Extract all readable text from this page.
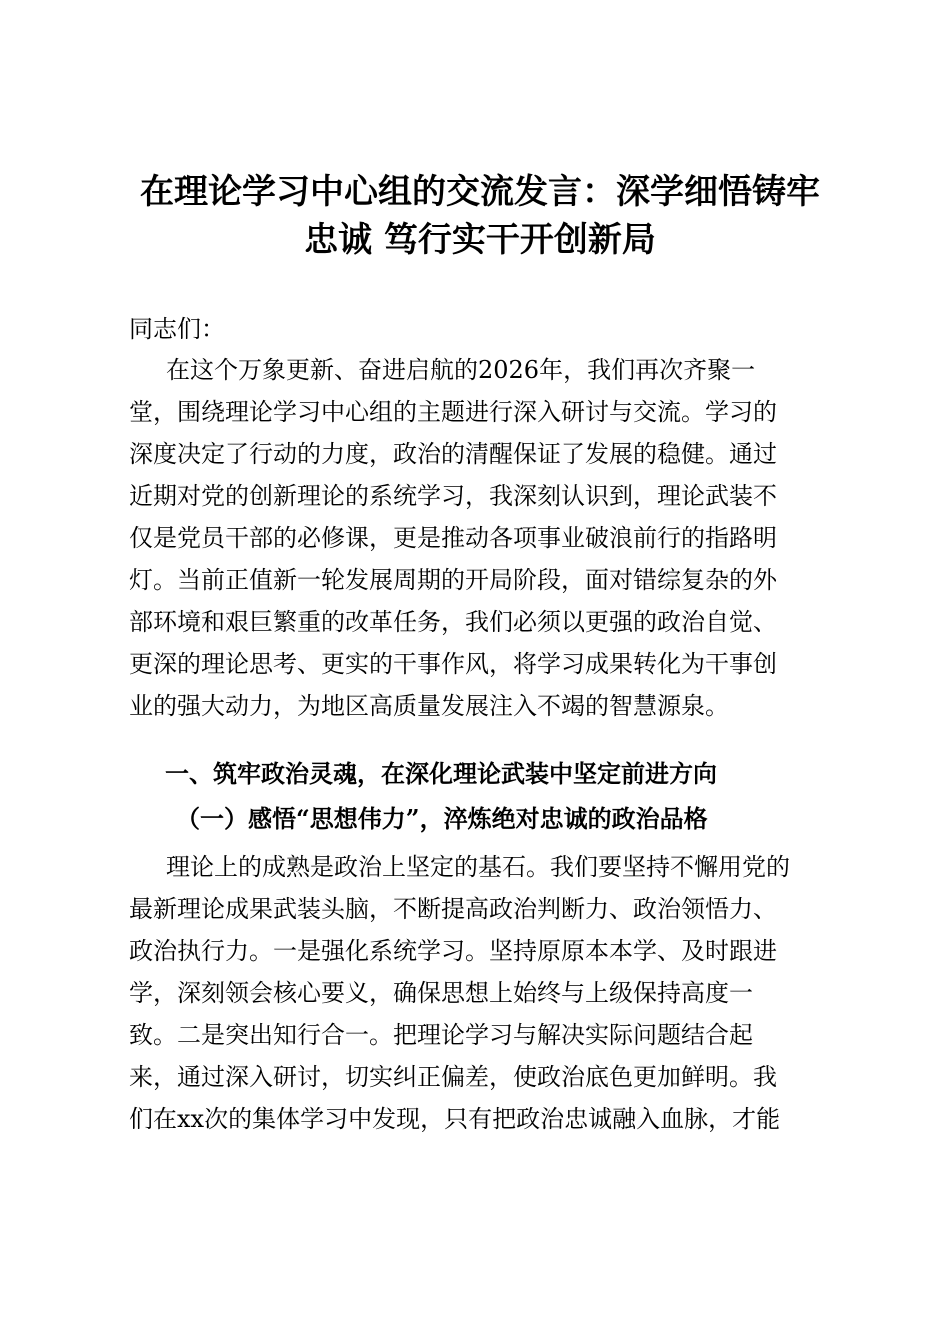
在理论学习中心组的交流发言：深学细悟铸牢
忠诚 笃行实干开创新局

同志们：

在这个万象更新、奋进启航的2026年，我们再次齐聚一
堂，围绕理论学习中心组的主题进行深入研讨与交流。学习的
深度决定了行动的力度，政治的清醒保证了发展的稳健。通过
近期对党的创新理论的系统学习，我深刻认识到，理论武装不
仅是党员干部的必修课，更是推动各项事业破浪前行的指路明
灯。当前正值新一轮发展周期的开局阶段，面对错综复杂的外
部环境和艰巨繁重的改革任务，我们必须以更强的政治自觉、
更深的理论思考、更实的干事作风，将学习成果转化为干事创
业的强大动力，为地区高质量发展注入不竭的智慧源泉。

一、筑牢政治灵魂，在深化理论武装中坚定前进方向
（一）感悟“思想伟力”，淬炼绝对忠诚的政治品格

理论上的成熟是政治上坚定的基石。我们要坚持不懈用党的
最新理论成果武装头脑，不断提高政治判断力、政治领悟力、
政治执行力。一是强化系统学习。坚持原原本本学、及时跟进
学，深刻领会核心要义，确保思想上始终与上级保持高度一
致。二是突出知行合一。把理论学习与解决实际问题结合起
来，通过深入研讨，切实纠正偏差，使政治底色更加鲜明。我
们在xx次的集体学习中发现，只有把政治忠诚融入血脉，才能
